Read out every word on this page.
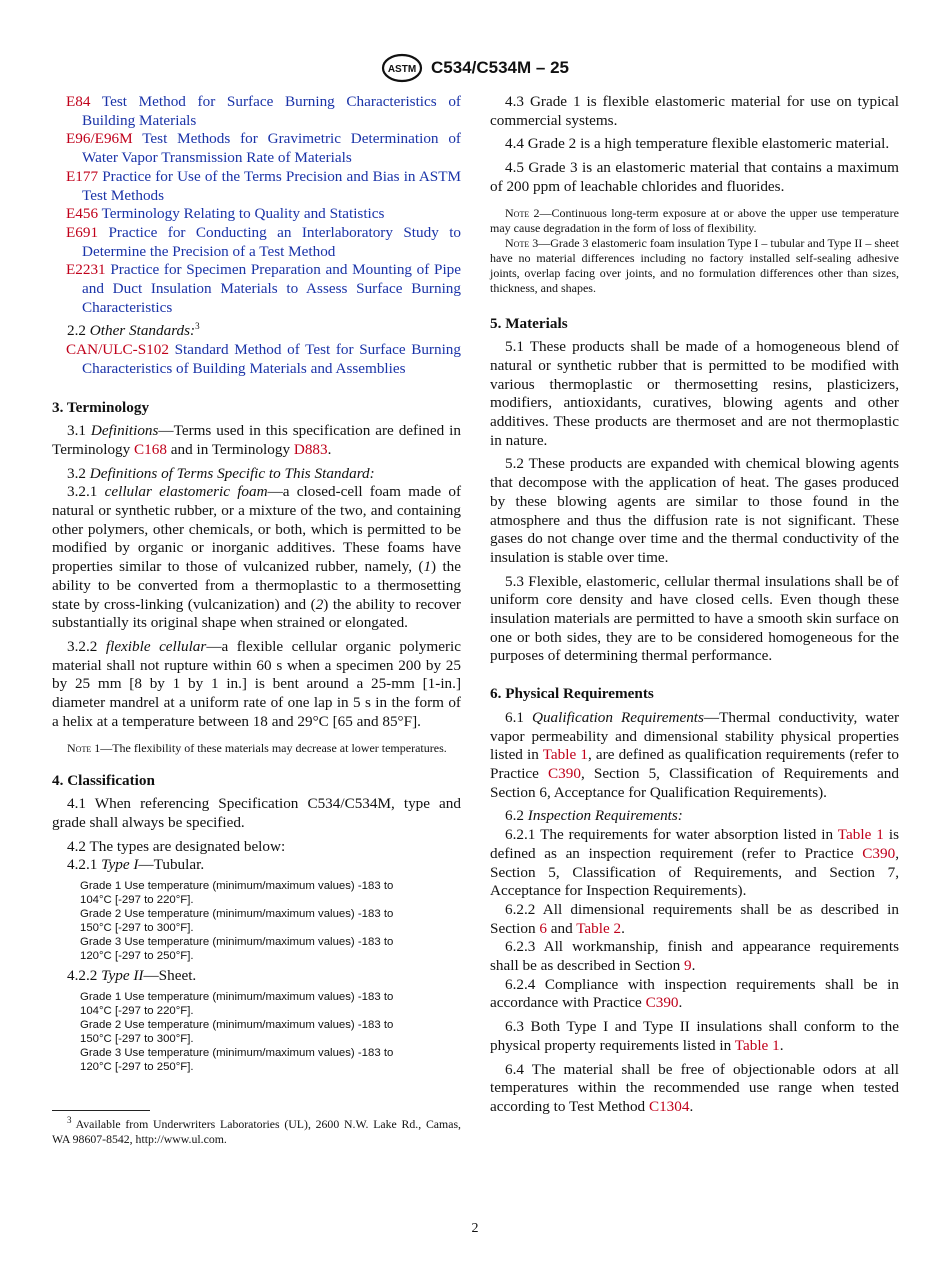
ASTM C534/C534M – 25
E84 Test Method for Surface Burning Characteristics of Building Materials
E96/E96M Test Methods for Gravimetric Determination of Water Vapor Transmission Rate of Materials
E177 Practice for Use of the Terms Precision and Bias in ASTM Test Methods
E456 Terminology Relating to Quality and Statistics
E691 Practice for Conducting an Interlaboratory Study to Determine the Precision of a Test Method
E2231 Practice for Specimen Preparation and Mounting of Pipe and Duct Insulation Materials to Assess Surface Burning Characteristics

2.2 Other Standards:$^3$

CAN/ULC-S102 Standard Method of Test for Surface Burning Characteristics of Building Materials and Assemblies
3. Terminology

3.1 Definitions—Terms used in this specification are defined in Terminology C168 and in Terminology D883.

3.2 Definitions of Terms Specific to This Standard:

3.2.1 cellular elastomeric foam—a closed-cell foam made of natural or synthetic rubber, or a mixture of the two, and containing other polymers, other chemicals, or both, which is permitted to be modified by organic or inorganic additives. These foams have properties similar to those of vulcanized rubber, namely, (1) the ability to be converted from a thermoplastic to a thermosetting state by cross-linking (vulcanization) and (2) the ability to recover substantially its original shape when strained or elongated.

3.2.2 flexible cellular—a flexible cellular organic polymeric material shall not rupture within 60 s when a specimen 200 by 25 by 25 mm [8 by 1 by 1 in.] is bent around a 25-mm [1-in.] diameter mandrel at a uniform rate of one lap in 5 s in the form of a helix at a temperature between 18 and 29°C [65 and 85°F].

Note 1—The flexibility of these materials may decrease at lower temperatures.

4. Classification

4.1 When referencing Specification C534/C534M, type and grade shall always be specified.

4.2 The types are designated below:

4.2.1 Type I—Tubular.

Grade 1 Use temperature (minimum/maximum values) -183 to
104°C [-297 to 220°F].
Grade 2 Use temperature (minimum/maximum values) -183 to
150°C [-297 to 300°F].
Grade 3 Use temperature (minimum/maximum values) -183 to
120°C [-297 to 250°F].

4.2.2 Type II—Sheet.

Grade 1 Use temperature (minimum/maximum values) -183 to
104°C [-297 to 220°F].
Grade 2 Use temperature (minimum/maximum values) -183 to
150°C [-297 to 300°F].
Grade 3 Use temperature (minimum/maximum values) -183 to
120°C [-297 to 250°F].

$^3$ Available from Underwriters Laboratories (UL), 2600 N.W. Lake Rd., Camas, WA 98607-8542, http://www.ul.com.

4.3 Grade 1 is flexible elastomeric material for use on typical commercial systems.

4.4 Grade 2 is a high temperature flexible elastomeric material.

4.5 Grade 3 is an elastomeric material that contains a maximum of 200 ppm of leachable chlorides and fluorides.

Note 2—Continuous long-term exposure at or above the upper use temperature may cause degradation in the form of loss of flexibility.

Note 3—Grade 3 elastomeric foam insulation Type I – tubular and Type II – sheet have no material differences including no factory installed self-sealing adhesive joints, overlap facing over joints, and no formulation differences other than sizes, thickness, and shapes.

5. Materials

5.1 These products shall be made of a homogeneous blend of natural or synthetic rubber that is permitted to be modified with various thermoplastic or thermosetting resins, plasticizers, modifiers, antioxidants, curatives, blowing agents and other additives. These products are thermoset and are not thermoplastic in nature.

5.2 These products are expanded with chemical blowing agents that decompose with the application of heat. The gases produced by these blowing agents are similar to those found in the atmosphere and thus the diffusion rate is not significant. These gases do not change over time and the thermal conductivity of the insulation is stable over time.

5.3 Flexible, elastomeric, cellular thermal insulations shall be of uniform core density and have closed cells. Even though these insulation materials are permitted to have a smooth skin surface on one or both sides, they are to be considered homogeneous for the purposes of determining thermal performance.

6. Physical Requirements

6.1 Qualification Requirements—Thermal conductivity, water vapor permeability and dimensional stability physical properties listed in Table 1, are defined as qualification requirements (refer to Practice C390, Section 5, Classification of Requirements and Section 6, Acceptance for Qualification Requirements).

6.2 Inspection Requirements:

6.2.1 The requirements for water absorption listed in Table 1 is defined as an inspection requirement (refer to Practice C390, Section 5, Classification of Requirements, and Section 7, Acceptance for Inspection Requirements).

6.2.2 All dimensional requirements shall be as described in Section 6 and Table 2.

6.2.3 All workmanship, finish and appearance requirements shall be as described in Section 9.

6.2.4 Compliance with inspection requirements shall be in accordance with Practice C390.

6.3 Both Type I and Type II insulations shall conform to the physical property requirements listed in Table 1.

6.4 The material shall be free of objectionable odors at all temperatures within the recommended use range when tested according to Test Method C1304.

2
